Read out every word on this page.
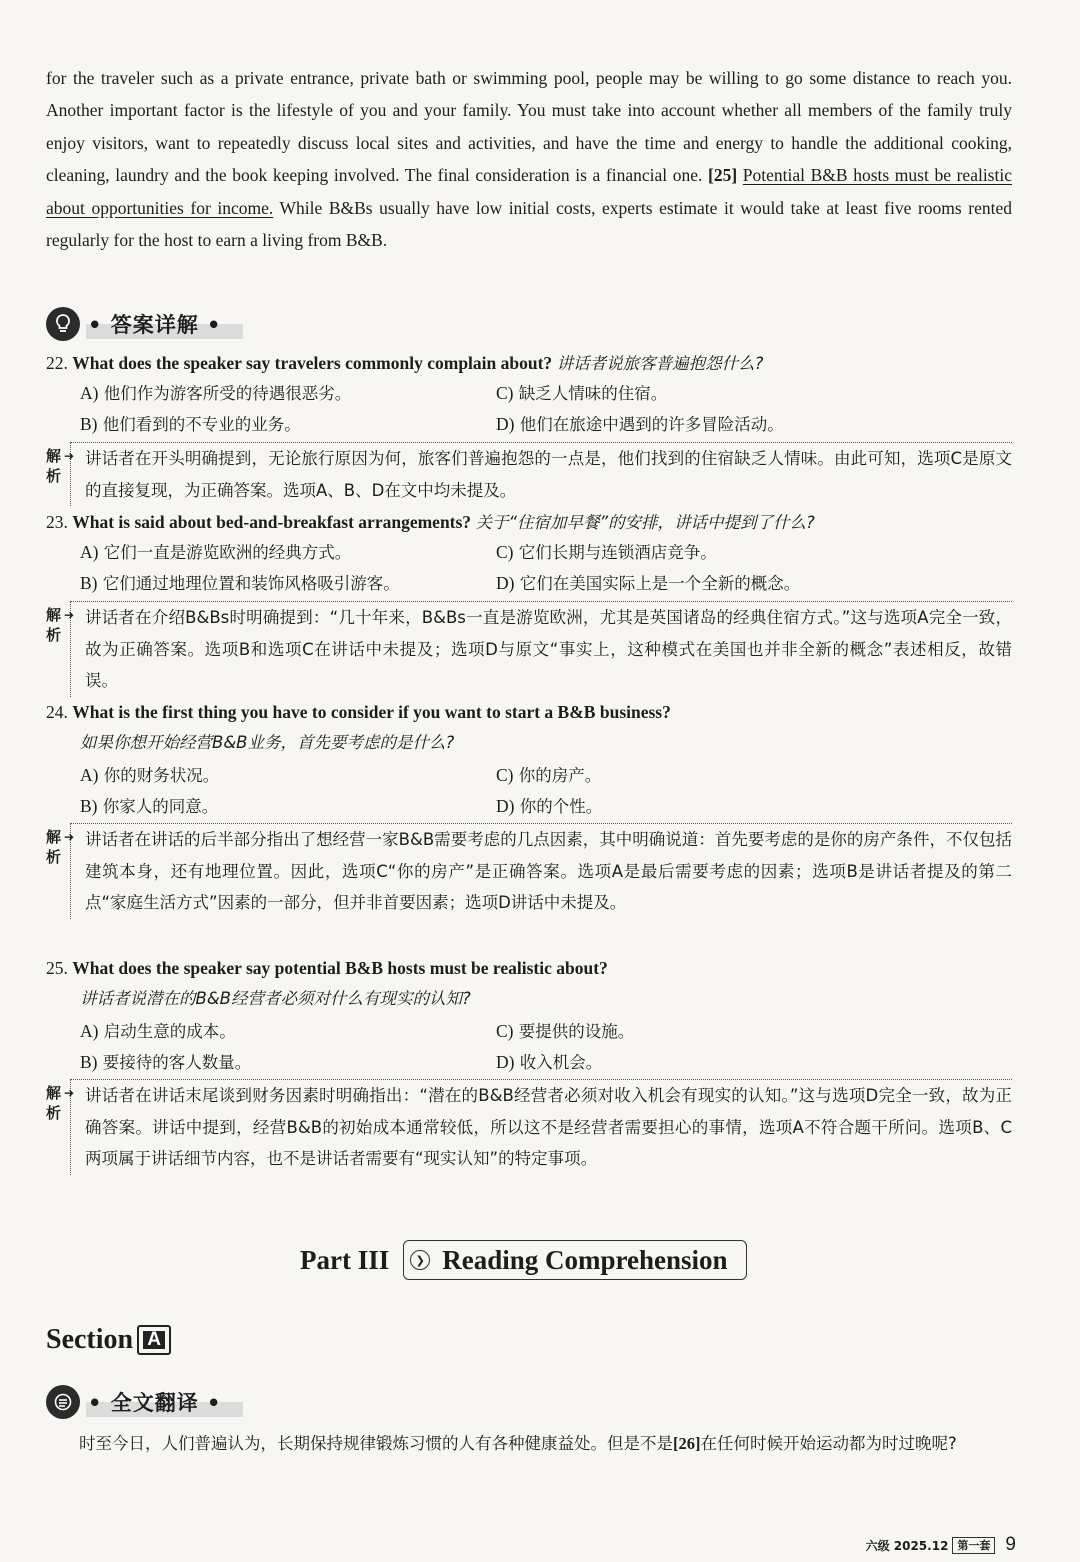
for the traveler such as a private entrance, private bath or swimming pool, people may be willing to go some distance to reach you. Another important factor is the lifestyle of you and your family. You must take into account whether all members of the family truly enjoy visitors, want to repeatedly discuss local sites and activities, and have the time and energy to handle the additional cooking, cleaning, laundry and the book keeping involved. The final consideration is a financial one. [25] Potential B&B hosts must be realistic about opportunities for income. While B&Bs usually have low initial costs, experts estimate it would take at least five rooms rented regularly for the host to earn a living from B&B.
• 答案详解 •
22. What does the speaker say travelers commonly complain about? 讲话者说旅客普遍抱怨什么?
A) 他们作为游客所受的待遇很恶劣。	C) 缺乏人情味的住宿。
B) 他们看到的不专业的业务。	D) 他们在旅途中遇到的许多冒险活动。
解析
➔ 讲话者在开头明确提到，无论旅行原因为何，旅客们普遍抱怨的一点是，他们找到的住宿缺乏人情味。由此可知，选项C是原文的直接复现，为正确答案。选项A、B、D在文中均未提及。
23. What is said about bed-and-breakfast arrangements? 关于“住宿加早餐”的安排，讲话中提到了什么?
A) 它们一直是游览欧洲的经典方式。	C) 它们长期与连锁酒店竞争。
B) 它们通过地理位置和装饰风格吸引游客。	D) 它们在美国实际上是一个全新的概念。
解析
➔ 讲话者在介绍B&Bs时明确提到：“几十年来，B&Bs一直是游览欧洲，尤其是英国诸岛的经典住宿方式。”这与选项A完全一致，故为正确答案。选项B和选项C在讲话中未提及；选项D与原文“事实上，这种模式在美国也并非全新的概念”表述相反，故错误。
24. What is the first thing you have to consider if you want to start a B&B business?
如果你想开始经营B&B业务，首先要考虑的是什么?
A) 你的财务状况。	C) 你的房产。
B) 你家人的同意。	D) 你的个性。
解析
➔ 讲话者在讲话的后半部分指出了想经营一家B&B需要考虑的几点因素，其中明确说道：首先要考虑的是你的房产条件，不仅包括建筑本身，还有地理位置。因此，选项C“你的房产”是正确答案。选项A是最后需要考虑的因素；选项B是讲话者提及的第二点“家庭生活方式”因素的一部分，但并非首要因素；选项D讲话中未提及。
25. What does the speaker say potential B&B hosts must be realistic about?
讲话者说潜在的B&B经营者必须对什么有现实的认知?
A) 启动生意的成本。	C) 要提供的设施。
B) 要接待的客人数量。	D) 收入机会。
解析
➔ 讲话者在讲话末尾谈到财务因素时明确指出：“潜在的B&B经营者必须对收入机会有现实的认知。”这与选项D完全一致，故为正确答案。讲话中提到，经营B&B的初始成本通常较低，所以这不是经营者需要担心的事情，选项A不符合题干所问。选项B、C两项属于讲话细节内容，也不是讲话者需要有“现实认知”的特定事项。
Part III	❯ Reading Comprehension
Section A
• 全文翻译 •
时至今日，人们普遍认为，长期保持规律锻炼习惯的人有各种健康益处。但是不是[26]在任何时候开始运动都为时过晚呢?
六级 2025.12 第一套 9
